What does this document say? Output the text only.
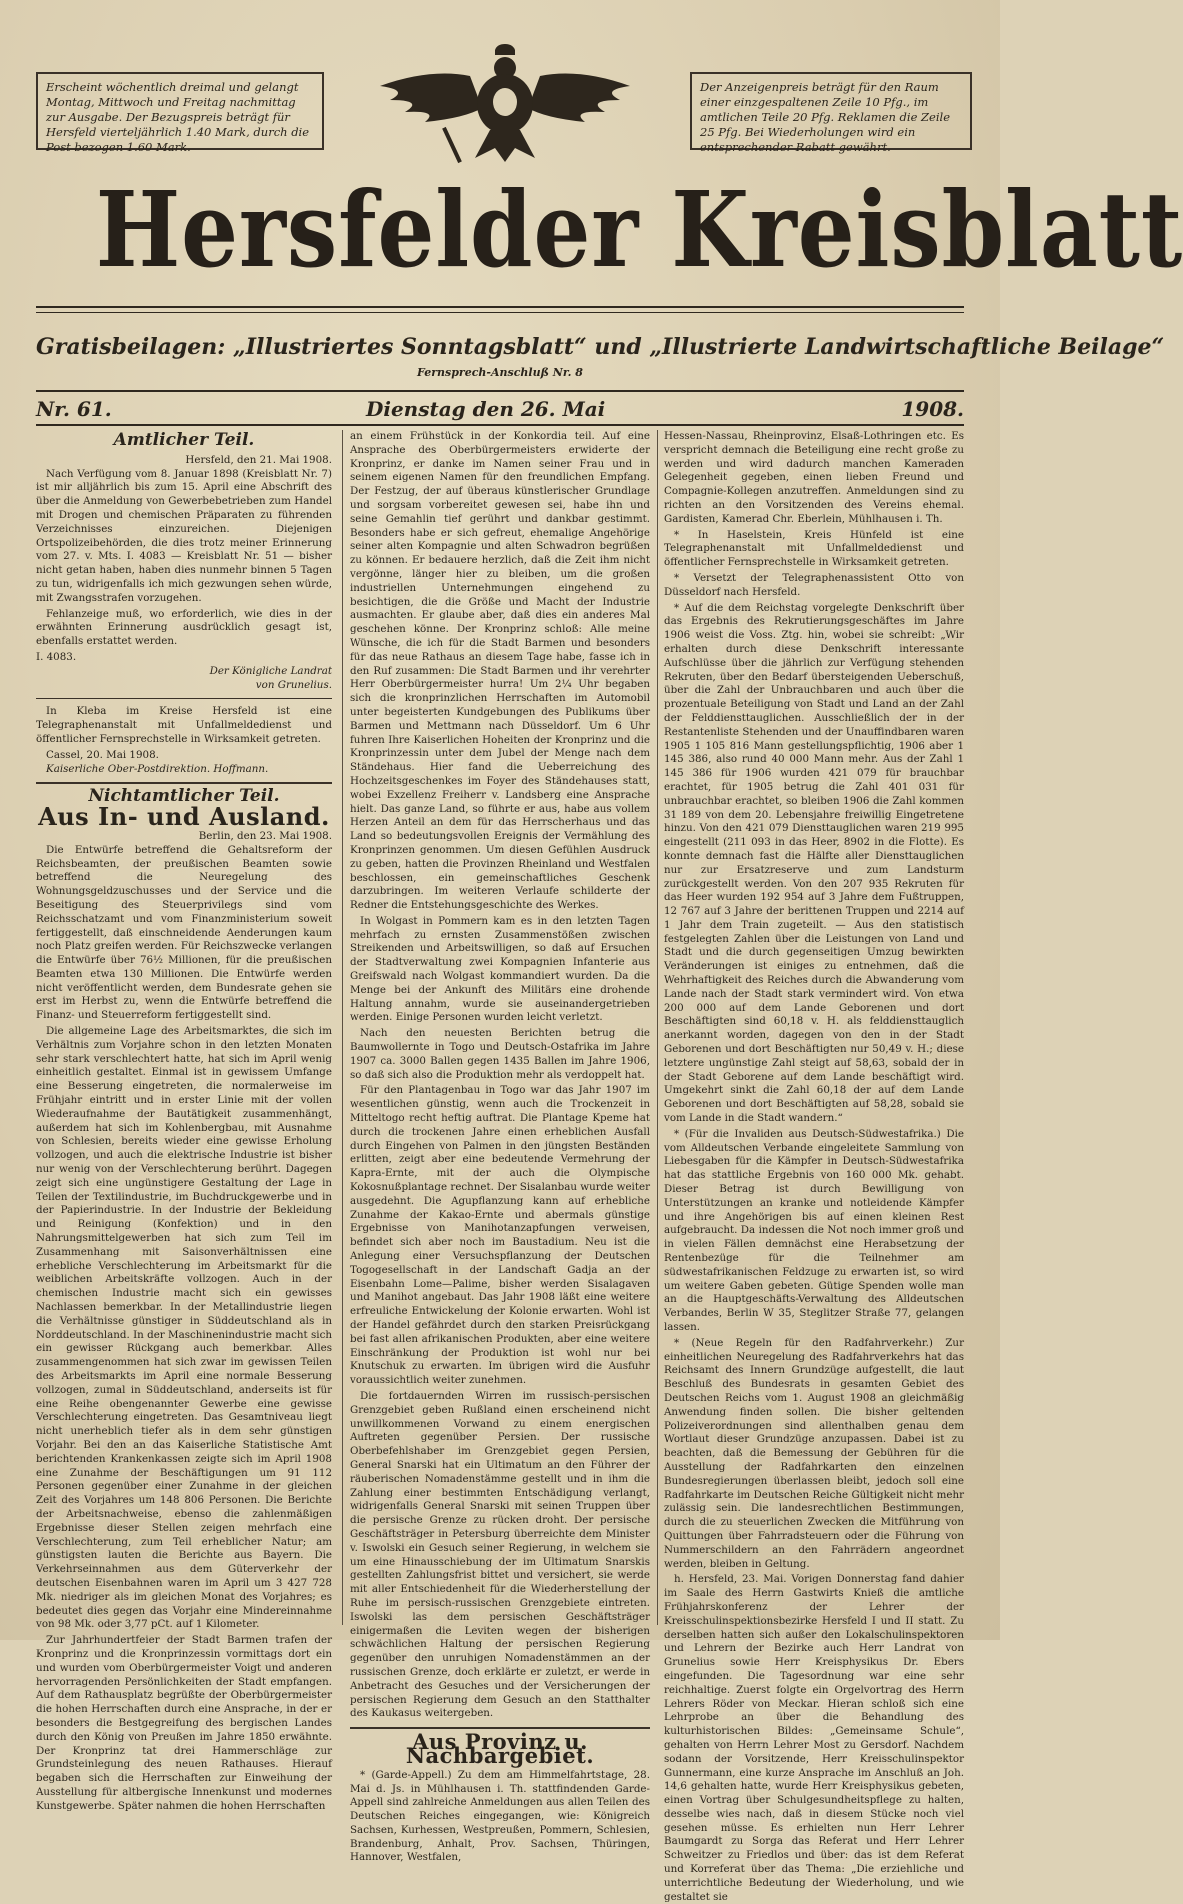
Erscheint wöchentlich dreimal und gelangt Montag, Mittwoch und Freitag nachmittag zur Ausgabe. Der Bezugspreis beträgt für Hersfeld vierteljährlich 1.40 Mark, durch die Post bezogen 1.60 Mark.
Der Anzeigenpreis beträgt für den Raum einer einzgespaltenen Zeile 10 Pfg., im amtlichen Teile 20 Pfg. Reklamen die Zeile 25 Pfg. Bei Wiederholungen wird ein entsprechender Rabatt gewährt.
Hersfelder Kreisblatt
Gratisbeilagen: „Illustriertes Sonntagsblatt“ und „Illustrierte Landwirtschaftliche Beilage“
Fernsprech-Anschluß Nr. 8
Nr. 61.	Dienstag den 26. Mai	1908.
Amtlicher Teil.
Hersfeld, den 21. Mai 1908.

Nach Verfügung vom 8. Januar 1898 (Kreisblatt Nr. 7) ist mir alljährlich bis zum 15. April eine Abschrift des über die Anmeldung von Gewerbebetrieben zum Handel mit Drogen und chemischen Präparaten zu führenden Verzeichnisses einzureichen. Diejenigen Ortspolizeibehörden, die dies trotz meiner Erinnerung vom 27. v. Mts. I. 4083 — Kreisblatt Nr. 51 — bisher nicht getan haben, haben dies nunmehr binnen 5 Tagen zu tun, widrigenfalls ich mich gezwungen sehen würde, mit Zwangsstrafen vorzugehen.

Fehlanzeige muß, wo erforderlich, wie dies in der erwähnten Erinnerung ausdrücklich gesagt ist, ebenfalls erstattet werden.

I. 4083.
Der Königliche Landrat
von Grunelius.

In Kleba im Kreise Hersfeld ist eine Telegraphenanstalt mit Unfallmeldedienst und öffentlicher Fernsprechstelle in Wirksamkeit getreten.

Cassel, 20. Mai 1908.
Kaiserliche Ober-Postdirektion. Hoffmann.
Nichtamtlicher Teil.
Aus In- und Ausland.
Berlin, den 23. Mai 1908.

Die Entwürfe betreffend die Gehaltsreform der Reichsbeamten, der preußischen Beamten sowie betreffend die Neuregelung des Wohnungsgeldzuschusses und der Service und die Beseitigung des Steuerprivilegs sind vom Reichsschatzamt und vom Finanzministerium soweit fertiggestellt, daß einschneidende Aenderungen kaum noch Platz greifen werden. Für Reichszwecke verlangen die Entwürfe über 76½ Millionen, für die preußischen Beamten etwa 130 Millionen. Die Entwürfe werden nicht veröffentlicht werden, dem Bundesrate gehen sie erst im Herbst zu, wenn die Entwürfe betreffend die Finanz- und Steuerreform fertiggestellt sind.

Die allgemeine Lage des Arbeitsmarktes, die sich im Verhältnis zum Vorjahre schon in den letzten Monaten sehr stark verschlechtert hatte, hat sich im April wenig einheitlich gestaltet. Einmal ist in gewissem Umfange eine Besserung eingetreten, die normalerweise im Frühjahr eintritt und in erster Linie mit der vollen Wiederaufnahme der Bautätigkeit zusammenhängt, außerdem hat sich im Kohlenbergbau, mit Ausnahme von Schlesien, bereits wieder eine gewisse Erholung vollzogen, und auch die elektrische Industrie ist bisher nur wenig von der Verschlechterung berührt. Dagegen zeigt sich eine ungünstigere Gestaltung der Lage in Teilen der Textilindustrie, im Buchdruckgewerbe und in der Papierindustrie. In der Industrie der Bekleidung und Reinigung (Konfektion) und in den Nahrungsmittelgewerben hat sich zum Teil im Zusammenhang mit Saisonverhältnissen eine erhebliche Verschlechterung im Arbeitsmarkt für die weiblichen Arbeitskräfte vollzogen. Auch in der chemischen Industrie macht sich ein gewisses Nachlassen bemerkbar. In der Metallindustrie liegen die Verhältnisse günstiger in Süddeutschland als in Norddeutschland. In der Maschinenindustrie macht sich ein gewisser Rückgang auch bemerkbar. Alles zusammengenommen hat sich zwar im gewissen Teilen des Arbeitsmarkts im April eine normale Besserung vollzogen, zumal in Süddeutschland, anderseits ist für eine Reihe obengenannter Gewerbe eine gewisse Verschlechterung eingetreten. Das Gesamtniveau liegt nicht unerheblich tiefer als in dem sehr günstigen Vorjahr. Bei den an das Kaiserliche Statistische Amt berichtenden Krankenkassen zeigte sich im April 1908 eine Zunahme der Beschäftigungen um 91 112 Personen gegenüber einer Zunahme in der gleichen Zeit des Vorjahres um 148 806 Personen. Die Berichte der Arbeitsnachweise, ebenso die zahlenmäßigen Ergebnisse dieser Stellen zeigen mehrfach eine Verschlechterung, zum Teil erheblicher Natur; am günstigsten lauten die Berichte aus Bayern. Die Verkehrseinnahmen aus dem Güterverkehr der deutschen Eisenbahnen waren im April um 3 427 728 Mk. niedriger als im gleichen Monat des Vorjahres; es bedeutet dies gegen das Vorjahr eine Mindereinnahme von 98 Mk. oder 3,77 pCt. auf 1 Kilometer.

Zur Jahrhundertfeier der Stadt Barmen trafen der Kronprinz und die Kronprinzessin vormittags dort ein und wurden vom Oberbürgermeister Voigt und anderen hervorragenden Persönlichkeiten der Stadt empfangen. Auf dem Rathausplatz begrüßte der Oberbürgermeister die hohen Herrschaften durch eine Ansprache, in der er besonders die Bestgegreifung des bergischen Landes durch den König von Preußen im Jahre 1850 erwähnte. Der Kronprinz tat drei Hammerschläge zur Grundsteinlegung des neuen Rathauses. Hierauf begaben sich die Herrschaften zur Einweihung der Ausstellung für altbergische Innenkunst und modernes Kunstgewerbe. Später nahmen die hohen Herrschaften

an einem Frühstück in der Konkordia teil. Auf eine Ansprache des Oberbürgermeisters erwiderte der Kronprinz, er danke im Namen seiner Frau und in seinem eigenen Namen für den freundlichen Empfang. Der Festzug, der auf überaus künstlerischer Grundlage und sorgsam vorbereitet gewesen sei, habe ihn und seine Gemahlin tief gerührt und dankbar gestimmt. Besonders habe er sich gefreut, ehemalige Angehörige seiner alten Kompagnie und alten Schwadron begrüßen zu können. Er bedauere herzlich, daß die Zeit ihm nicht vergönne, länger hier zu bleiben, um die großen industriellen Unternehmungen eingehend zu besichtigen, die die Größe und Macht der Industrie ausmachten. Er glaube aber, daß dies ein anderes Mal geschehen könne. Der Kronprinz schloß: Alle meine Wünsche, die ich für die Stadt Barmen und besonders für das neue Rathaus an diesem Tage habe, fasse ich in den Ruf zusammen: Die Stadt Barmen und ihr verehrter Herr Oberbürgermeister hurra! Um 2¼ Uhr begaben sich die kronprinzlichen Herrschaften im Automobil unter begeisterten Kundgebungen des Publikums über Barmen und Mettmann nach Düsseldorf. Um 6 Uhr fuhren Ihre Kaiserlichen Hoheiten der Kronprinz und die Kronprinzessin unter dem Jubel der Menge nach dem Ständehaus. Hier fand die Ueberreichung des Hochzeitsgeschenkes im Foyer des Ständehauses statt, wobei Exzellenz Freiherr v. Landsberg eine Ansprache hielt. Das ganze Land, so führte er aus, habe aus vollem Herzen Anteil an dem für das Herrscherhaus und das Land so bedeutungsvollen Ereignis der Vermählung des Kronprinzen genommen. Um diesen Gefühlen Ausdruck zu geben, hatten die Provinzen Rheinland und Westfalen beschlossen, ein gemeinschaftliches Geschenk darzubringen. Im weiteren Verlaufe schilderte der Redner die Entstehungsgeschichte des Werkes.

In Wolgast in Pommern kam es in den letzten Tagen mehrfach zu ernsten Zusammenstößen zwischen Streikenden und Arbeitswilligen, so daß auf Ersuchen der Stadtverwaltung zwei Kompagnien Infanterie aus Greifswald nach Wolgast kommandiert wurden. Da die Menge bei der Ankunft des Militärs eine drohende Haltung annahm, wurde sie auseinandergetrieben werden. Einige Personen wurden leicht verletzt.

Nach den neuesten Berichten betrug die Baumwollernte in Togo und Deutsch-Ostafrika im Jahre 1907 ca. 3000 Ballen gegen 1435 Ballen im Jahre 1906, so daß sich also die Produktion mehr als verdoppelt hat.

Für den Plantagenbau in Togo war das Jahr 1907 im wesentlichen günstig, wenn auch die Trockenzeit in Mitteltogo recht heftig auftrat. Die Plantage Kpeme hat durch die trockenen Jahre einen erheblichen Ausfall durch Eingehen von Palmen in den jüngsten Beständen erlitten, zeigt aber eine bedeutende Vermehrung der Kapra-Ernte, mit der auch die Olympische Kokosnußplantage rechnet. Der Sisalanbau wurde weiter ausgedehnt. Die Agupflanzung kann auf erhebliche Zunahme der Kakao-Ernte und abermals günstige Ergebnisse von Manihotanzapfungen verweisen, befindet sich aber noch im Baustadium. Neu ist die Anlegung einer Versuchspflanzung der Deutschen Togogesellschaft in der Landschaft Gadja an der Eisenbahn Lome—Palime, bisher werden Sisalagaven und Manihot angebaut. Das Jahr 1908 läßt eine weitere erfreuliche Entwickelung der Kolonie erwarten. Wohl ist der Handel gefährdet durch den starken Preisrückgang bei fast allen afrikanischen Produkten, aber eine weitere Einschränkung der Produktion ist wohl nur bei Knutschuk zu erwarten. Im übrigen wird die Ausfuhr voraussichtlich weiter zunehmen.

Die fortdauernden Wirren im russisch-persischen Grenzgebiet geben Rußland einen erscheinend nicht unwillkommenen Vorwand zu einem energischen Auftreten gegenüber Persien. Der russische Oberbefehlshaber im Grenzgebiet gegen Persien, General Snarski hat ein Ultimatum an den Führer der räuberischen Nomadenstämme gestellt und in ihm die Zahlung einer bestimmten Entschädigung verlangt, widrigenfalls General Snarski mit seinen Truppen über die persische Grenze zu rücken droht. Der persische Geschäftsträger in Petersburg überreichte dem Minister v. Iswolski ein Gesuch seiner Regierung, in welchem sie um eine Hinausschiebung der im Ultimatum Snarskis gestellten Zahlungsfrist bittet und versichert, sie werde mit aller Entschiedenheit für die Wiederherstellung der Ruhe im persisch-russischen Grenzgebiete eintreten. Iswolski las dem persischen Geschäftsträger einigermaßen die Leviten wegen der bisherigen schwächlichen Haltung der persischen Regierung gegenüber den unruhigen Nomadenstämmen an der russischen Grenze, doch erklärte er zuletzt, er werde in Anbetracht des Gesuches und der Versicherungen der persischen Regierung dem Gesuch an den Statthalter des Kaukasus weitergeben.

Aus Provinz u. Nachbargebiet.

* (Garde-Appell.) Zu dem am Himmelfahrtstage, 28. Mai d. Js. in Mühlhausen i. Th. stattfindenden Garde-Appell sind zahlreiche Anmeldungen aus allen Teilen des Deutschen Reiches eingegangen, wie: Königreich Sachsen, Kurhessen, Westpreußen, Pommern, Schlesien, Brandenburg, Anhalt, Prov. Sachsen, Thüringen, Hannover, Westfalen,

Hessen-Nassau, Rheinprovinz, Elsaß-Lothringen etc. Es verspricht demnach die Beteiligung eine recht große zu werden und wird dadurch manchen Kameraden Gelegenheit gegeben, einen lieben Freund und Compagnie-Kollegen anzutreffen. Anmeldungen sind zu richten an den Vorsitzenden des Vereins ehemal. Gardisten, Kamerad Chr. Eberlein, Mühlhausen i. Th.

* In Haselstein, Kreis Hünfeld ist eine Telegraphenanstalt mit Unfallmeldedienst und öffentlicher Fernsprechstelle in Wirksamkeit getreten.

* Versetzt der Telegraphenassistent Otto von Düsseldorf nach Hersfeld.

* Auf die dem Reichstag vorgelegte Denkschrift über das Ergebnis des Rekrutierungsgeschäftes im Jahre 1906 weist die Voss. Ztg. hin, wobei sie schreibt: „Wir erhalten durch diese Denkschrift interessante Aufschlüsse über die jährlich zur Verfügung stehenden Rekruten, über den Bedarf übersteigenden Ueberschuß, über die Zahl der Unbrauchbaren und auch über die prozentuale Beteiligung von Stadt und Land an der Zahl der Felddiensttauglichen. Ausschließlich der in der Restantenliste Stehenden und der Unauffindbaren waren 1905 1 105 816 Mann gestellungspflichtig, 1906 aber 1 145 386, also rund 40 000 Mann mehr. Aus der Zahl 1 145 386 für 1906 wurden 421 079 für brauchbar erachtet, für 1905 betrug die Zahl 401 031 für unbrauchbar erachtet, so bleiben 1906 die Zahl kommen 31 189 von dem 20. Lebensjahre freiwillig Eingetretene hinzu. Von den 421 079 Diensttauglichen waren 219 995 eingestellt (211 093 in das Heer, 8902 in die Flotte). Es konnte demnach fast die Hälfte aller Diensttauglichen nur zur Ersatzreserve und zum Landsturm zurückgestellt werden. Von den 207 935 Rekruten für das Heer wurden 192 954 auf 3 Jahre dem Fußtruppen, 12 767 auf 3 Jahre der berittenen Truppen und 2214 auf 1 Jahr dem Train zugeteilt. — Aus den statistisch festgelegten Zahlen über die Leistungen von Land und Stadt und die durch gegenseitigen Umzug bewirkten Veränderungen ist einiges zu entnehmen, daß die Wehrhaftigkeit des Reiches durch die Abwanderung vom Lande nach der Stadt stark vermindert wird. Von etwa 200 000 auf dem Lande Geborenen und dort Beschäftigten sind 60,18 v. H. als felddiensttauglich anerkannt worden, dagegen von den in der Stadt Geborenen und dort Beschäftigten nur 50,49 v. H.; diese letztere ungünstige Zahl steigt auf 58,63, sobald der in der Stadt Geborene auf dem Lande beschäftigt wird. Umgekehrt sinkt die Zahl 60,18 der auf dem Lande Geborenen und dort Beschäftigten auf 58,28, sobald sie vom Lande in die Stadt wandern.“

* (Für die Invaliden aus Deutsch-Südwestafrika.) Die vom Alldeutschen Verbande eingeleitete Sammlung von Liebesgaben für die Kämpfer in Deutsch-Südwestafrika hat das stattliche Ergebnis von 160 000 Mk. gehabt. Dieser Betrag ist durch Bewilligung von Unterstützungen an kranke und notleidende Kämpfer und ihre Angehörigen bis auf einen kleinen Rest aufgebraucht. Da indessen die Not noch immer groß und in vielen Fällen demnächst eine Herabsetzung der Rentenbezüge für die Teilnehmer am südwestafrikanischen Feldzuge zu erwarten ist, so wird um weitere Gaben gebeten. Gütige Spenden wolle man an die Hauptgeschäfts-Verwaltung des Alldeutschen Verbandes, Berlin W 35, Steglitzer Straße 77, gelangen lassen.

* (Neue Regeln für den Radfahrverkehr.) Zur einheitlichen Neuregelung des Radfahrverkehrs hat das Reichsamt des Innern Grundzüge aufgestellt, die laut Beschluß des Bundesrats in gesamten Gebiet des Deutschen Reichs vom 1. August 1908 an gleichmäßig Anwendung finden sollen. Die bisher geltenden Polizeiverordnungen sind allenthalben genau dem Wortlaut dieser Grundzüge anzupassen. Dabei ist zu beachten, daß die Bemessung der Gebühren für die Ausstellung der Radfahrkarten den einzelnen Bundesregierungen überlassen bleibt, jedoch soll eine Radfahrkarte im Deutschen Reiche Gültigkeit nicht mehr zulässig sein. Die landesrechtlichen Bestimmungen, durch die zu steuerlichen Zwecken die Mitführung von Quittungen über Fahrradsteuern oder die Führung von Nummerschildern an den Fahrrädern angeordnet werden, bleiben in Geltung.

h. Hersfeld, 23. Mai. Vorigen Donnerstag fand dahier im Saale des Herrn Gastwirts Knieß die amtliche Frühjahrskonferenz der Lehrer der Kreisschulinspektionsbezirke Hersfeld I und II statt. Zu derselben hatten sich außer den Lokalschulinspektoren und Lehrern der Bezirke auch Herr Landrat von Grunelius sowie Herr Kreisphysikus Dr. Ebers eingefunden. Die Tagesordnung war eine sehr reichhaltige. Zuerst folgte ein Orgelvortrag des Herrn Lehrers Röder von Meckar. Hieran schloß sich eine Lehrprobe an über die Behandlung des kulturhistorischen Bildes: „Gemeinsame Schule“, gehalten von Herrn Lehrer Most zu Gersdorf. Nachdem sodann der Vorsitzende, Herr Kreisschulinspektor Gunnermann, eine kurze Ansprache im Anschluß an Joh. 14,6 gehalten hatte, wurde Herr Kreisphysikus gebeten, einen Vortrag über Schulgesundheitspflege zu halten, desselbe wies nach, daß in diesem Stücke noch viel gesehen müsse. Es erhielten nun Herr Lehrer Baumgardt zu Sorga das Referat und Herr Lehrer Schweitzer zu Friedlos und über: das ist dem Referat und Korreferat über das Thema: „Die erziehliche und unterrichtliche Bedeutung der Wiederholung, und wie gestaltet sie
